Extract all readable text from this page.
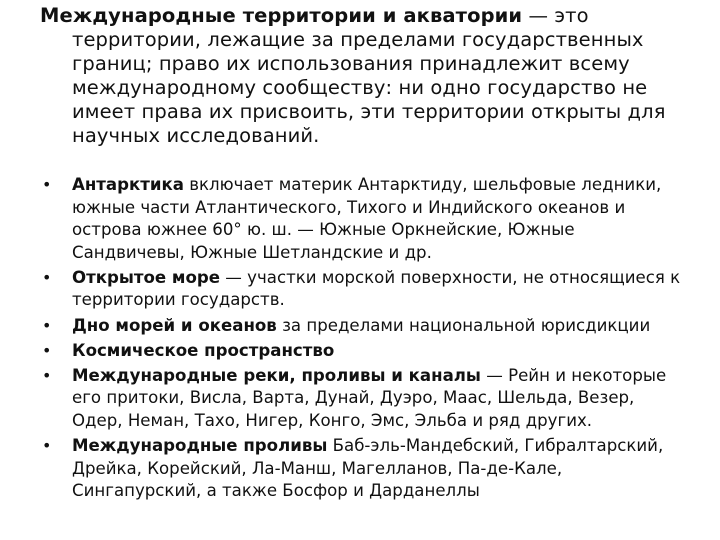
Международные территории и акватории — это территории, лежащие за пределами государственных границ; право их использования принадлежит всему международному сообществу: ни одно государство не имеет права их присвоить, эти территории открыты для научных исследований.

• Антарктика включает материк Антарктиду, шельфовые ледники, южные части Атлантического, Тихого и Индийского океанов и острова южнее 60° ю. ш. — Южные Оркнейские, Южные Сандвичевы, Южные Шетландские и др.
• Открытое море — участки морской поверхности, не относящиеся к территории государств.
• Дно морей и океанов за пределами национальной юрисдикции
• Космическое пространство
• Международные реки, проливы и каналы — Рейн и некоторые его притоки, Висла, Варта, Дунай, Дуэро, Маас, Шельда, Везер, Одер, Неман, Тахо, Нигер, Конго, Эмс, Эльба и ряд других.
• Международные проливы Баб-эль-Мандебский, Гибралтарский, Дрейка, Корейский, Ла-Манш, Магелланов, Па-де-Кале, Сингапурский, а также Босфор и Дарданеллы
